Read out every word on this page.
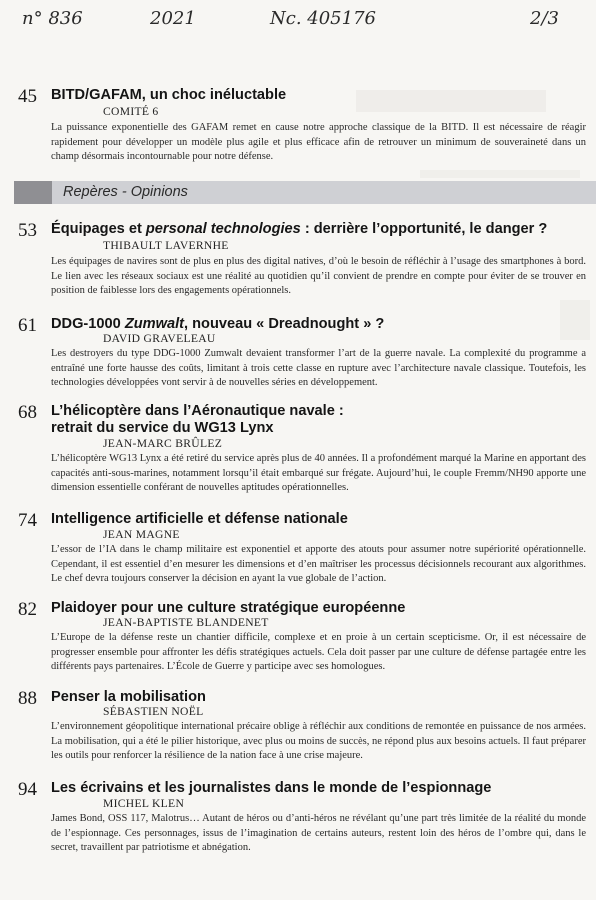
n° 836	2021	Nc. 405176	2/3
45 BITD/GAFAM, un choc inéluctable
COMITÉ 6
La puissance exponentielle des GAFAM remet en cause notre approche classique de la BITD. Il est nécessaire de réagir rapidement pour développer un modèle plus agile et plus efficace afin de retrouver un minimum de souveraineté dans un champ désormais incontournable pour notre défense.
Repères - Opinions
53 Équipages et personal technologies : derrière l’opportunité, le danger ?
THIBAULT LAVERNHE
Les équipages de navires sont de plus en plus des digital natives, d’où le besoin de réfléchir à l’usage des smartphones à bord. Le lien avec les réseaux sociaux est une réalité au quotidien qu’il convient de prendre en compte pour éviter de se trouver en position de faiblesse lors des engagements opérationnels.
61 DDG-1000 Zumwalt, nouveau « Dreadnought » ?
DAVID GRAVELEAU
Les destroyers du type DDG-1000 Zumwalt devaient transformer l’art de la guerre navale. La complexité du programme a entraîné une forte hausse des coûts, limitant à trois cette classe en rupture avec l’architecture navale classique. Toutefois, les technologies développées vont servir à de nouvelles séries en développement.
68 L’hélicoptère dans l’Aéronautique navale :
retrait du service du WG13 Lynx
JEAN-MARC BRÛLEZ
L’hélicoptère WG13 Lynx a été retiré du service après plus de 40 années. Il a profondément marqué la Marine en apportant des capacités anti-sous-marines, notamment lorsqu’il était embarqué sur frégate. Aujourd’hui, le couple Fremm/NH90 apporte une dimension essentielle conférant de nouvelles aptitudes opérationnelles.
74 Intelligence artificielle et défense nationale
JEAN MAGNE
L’essor de l’IA dans le champ militaire est exponentiel et apporte des atouts pour assumer notre supériorité opérationnelle. Cependant, il est essentiel d’en mesurer les dimensions et d’en maîtriser les processus décisionnels recourant aux algorithmes. Le chef devra toujours conserver la décision en ayant la vue globale de l’action.
82 Plaidoyer pour une culture stratégique européenne
JEAN-BAPTISTE BLANDENET
L’Europe de la défense reste un chantier difficile, complexe et en proie à un certain scepticisme. Or, il est nécessaire de progresser ensemble pour affronter les défis stratégiques actuels. Cela doit passer par une culture de défense partagée entre les différents pays partenaires. L’École de Guerre y participe avec ses homologues.
88 Penser la mobilisation
SÉBASTIEN NOËL
L’environnement géopolitique international précaire oblige à réfléchir aux conditions de remontée en puissance de nos armées. La mobilisation, qui a été le pilier historique, avec plus ou moins de succès, ne répond plus aux besoins actuels. Il faut préparer les outils pour renforcer la résilience de la nation face à une crise majeure.
94 Les écrivains et les journalistes dans le monde de l’espionnage
MICHEL KLEN
James Bond, OSS 117, Malotrus… Autant de héros ou d’anti-héros ne révélant qu’une part très limitée de la réalité du monde de l’espionnage. Ces personnages, issus de l’imagination de certains auteurs, restent loin des héros de l’ombre qui, dans le secret, travaillent par patriotisme et abnégation.
